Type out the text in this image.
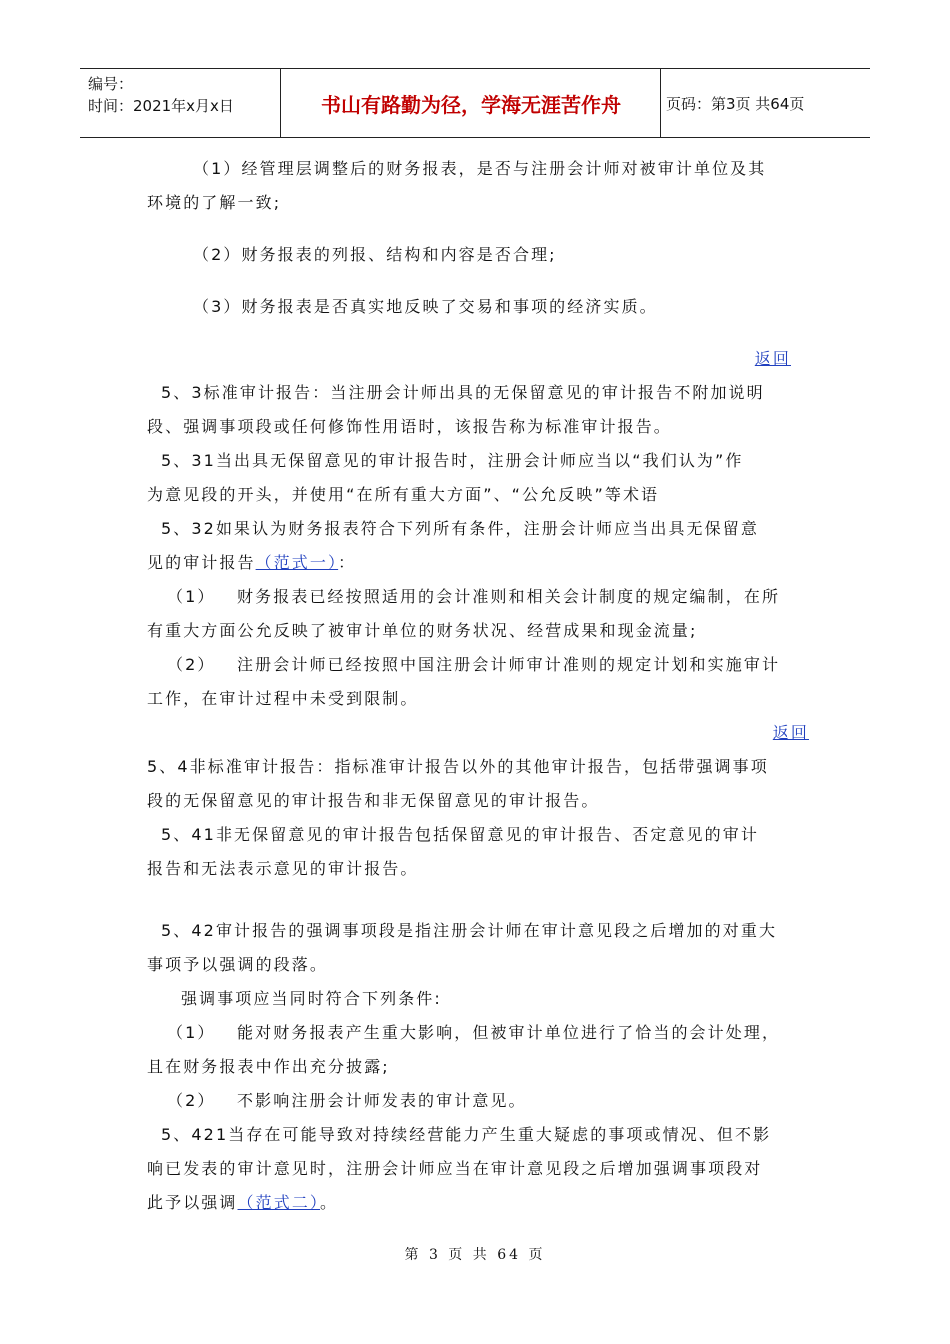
编号：
时间：2021年x月x日	书山有路勤为径，学海无涯苦作舟	页码：第3页 共64页

（1）经管理层调整后的财务报表，是否与注册会计师对被审计单位及其

环境的了解一致;

（2）财务报表的列报、结构和内容是否合理;

（3）财务报表是否真实地反映了交易和事项的经济实质。

返回

5、3标准审计报告：当注册会计师出具的无保留意见的审计报告不附加说明

段、强调事项段或任何修饰性用语时，该报告称为标准审计报告。

5、31当出具无保留意见的审计报告时，注册会计师应当以“我们认为”作

为意见段的开头，并使用“在所有重大方面”、“公允反映”等术语

5、32如果认为财务报表符合下列所有条件，注册会计师应当出具无保留意

见的审计报告（范式一）：

（1）   财务报表已经按照适用的会计准则和相关会计制度的规定编制，在所

有重大方面公允反映了被审计单位的财务状况、经营成果和现金流量;

（2）   注册会计师已经按照中国注册会计师审计准则的规定计划和实施审计

工作，在审计过程中未受到限制。

返回

5、4非标准审计报告：指标准审计报告以外的其他审计报告，包括带强调事项

段的无保留意见的审计报告和非无保留意见的审计报告。

5、41非无保留意见的审计报告包括保留意见的审计报告、否定意见的审计

报告和无法表示意见的审计报告。

5、42审计报告的强调事项段是指注册会计师在审计意见段之后增加的对重大

事项予以强调的段落。

强调事项应当同时符合下列条件:

（1）   能对财务报表产生重大影响，但被审计单位进行了恰当的会计处理，

且在财务报表中作出充分披露;

（2）   不影响注册会计师发表的审计意见。

5、421当存在可能导致对持续经营能力产生重大疑虑的事项或情况、但不影

响已发表的审计意见时，注册会计师应当在审计意见段之后增加强调事项段对

此予以强调（范式二）。

第 3 页 共 64 页
